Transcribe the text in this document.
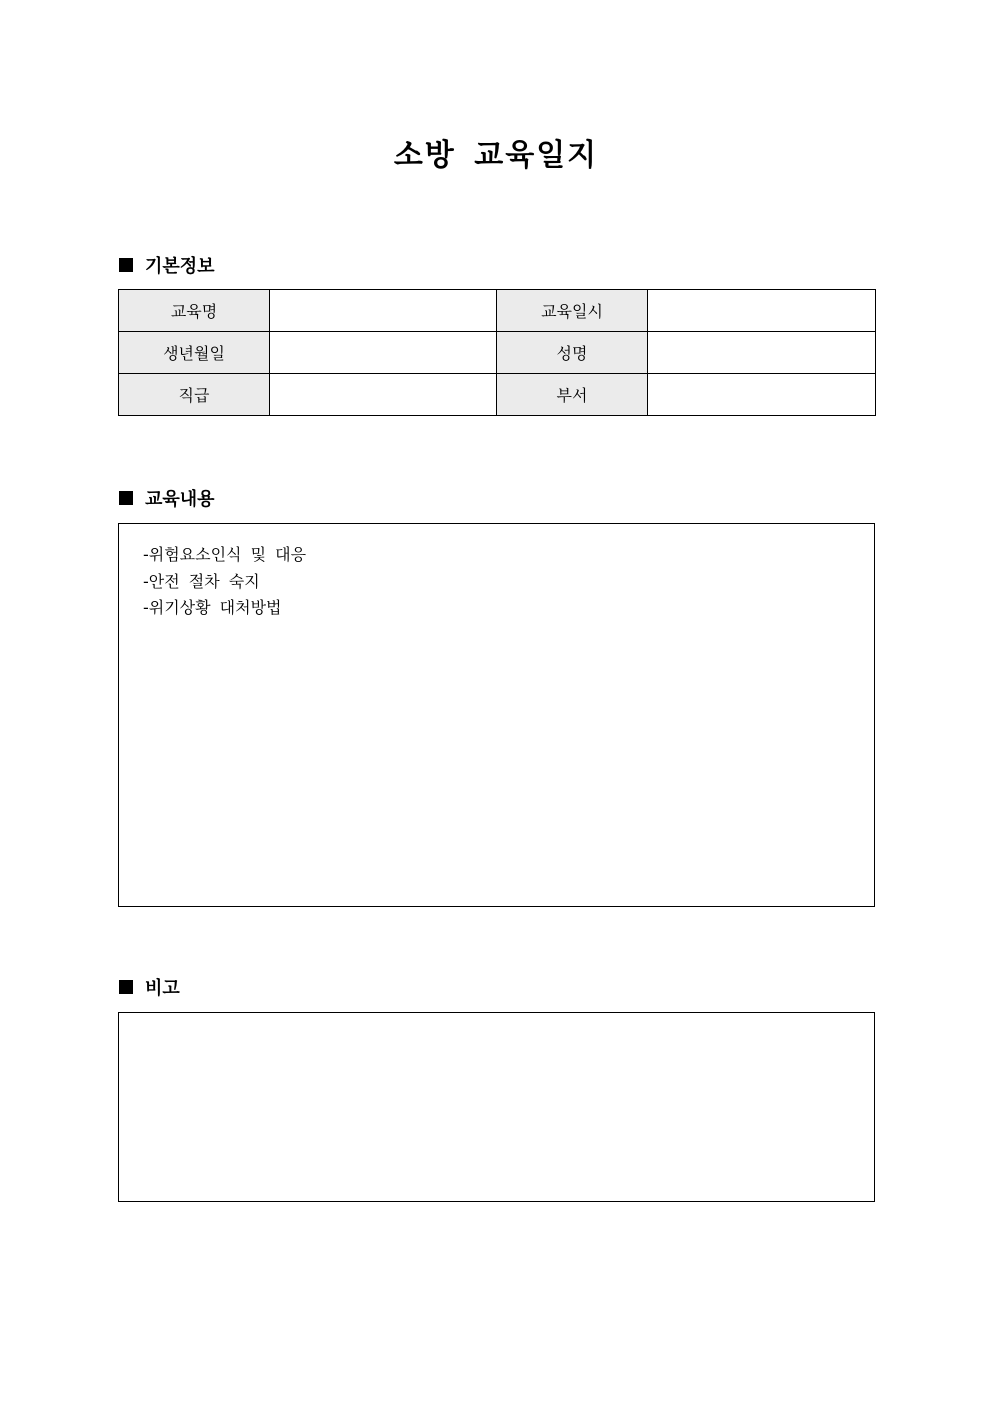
소방 교육일지
기본정보
교육명		교육일시	
생년월일		성명	
직급		부서	
교육내용
-위험요소인식 및 대응
-안전 절차 숙지
-위기상황 대처방법
비고
